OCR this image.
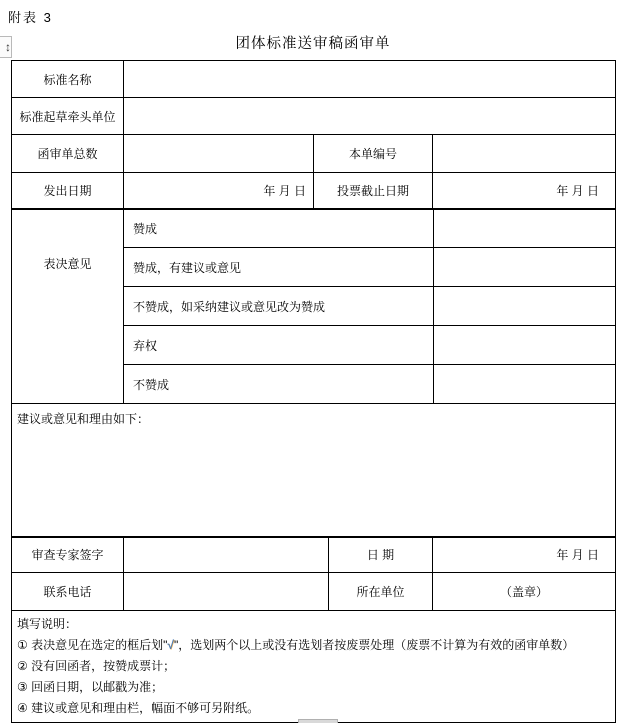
附表 3
↕	团体标准送审稿函审单
标准名称	
标准起草牵头单位	
函审单总数		本单编号	
发出日期	年 月 日	投票截止日期	年 月 日
表决意见	赞成	
	赞成，有建议或意见	
	不赞成，如采纳建议或意见改为赞成	
	弃权	
	不赞成	
建议或意见和理由如下：
审查专家签字		日 期	年 月 日
联系电话		所在单位	（盖章）
填写说明：
① 表决意见在选定的框后划"√"，选划两个以上或没有选划者按废票处理（废票不计算为有效的函审单数）
② 没有回函者，按赞成票计；
③ 回函日期，以邮戳为准；
④ 建议或意见和理由栏，幅面不够可另附纸。
